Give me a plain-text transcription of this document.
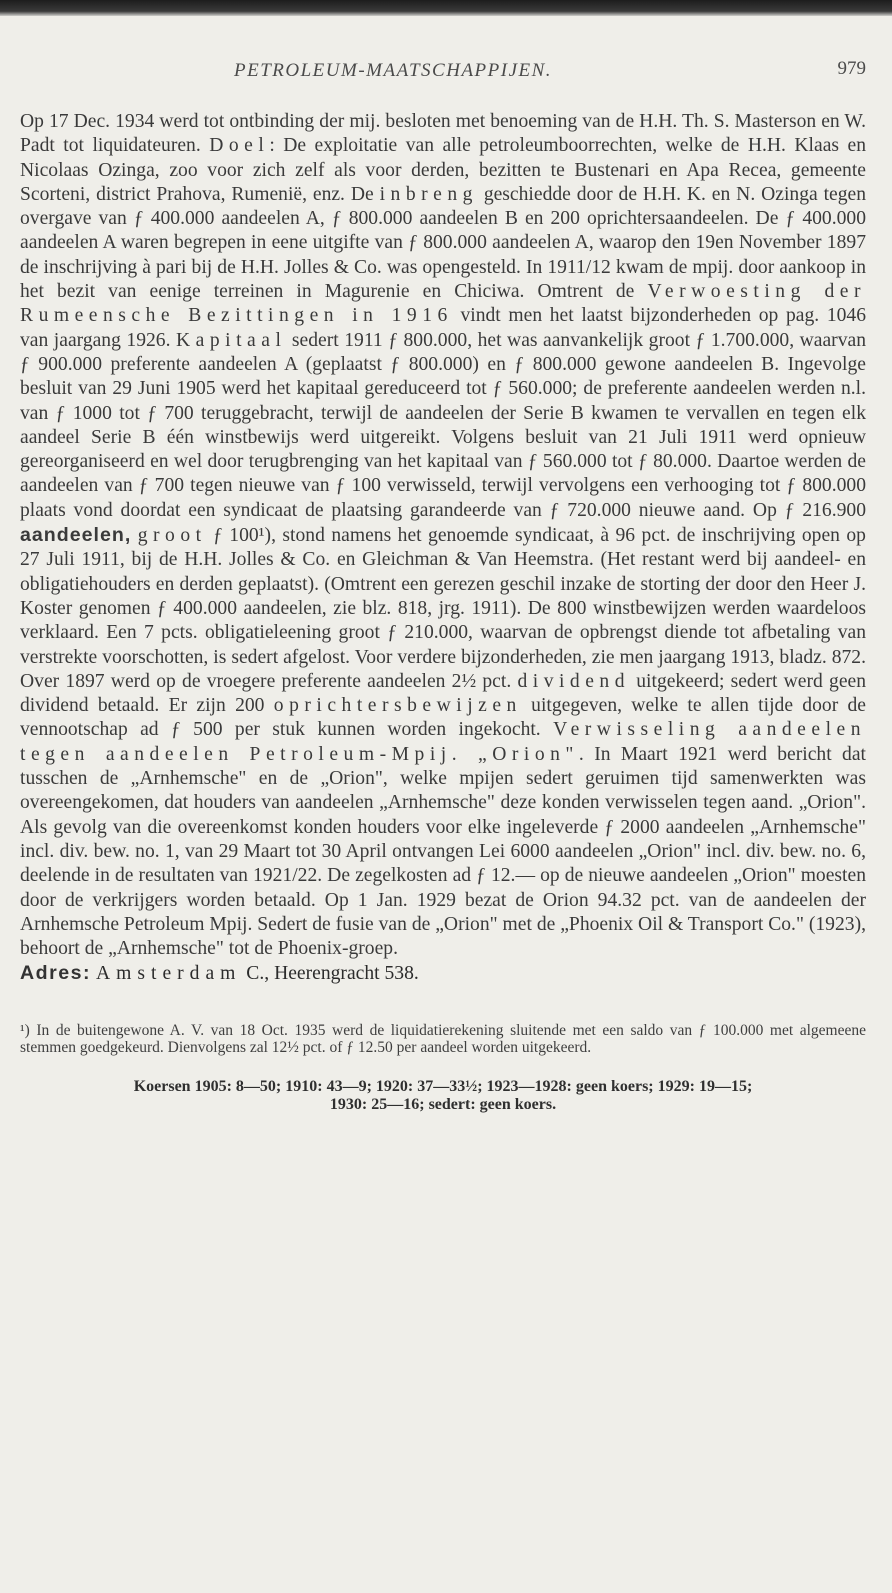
PETROLEUM-MAATSCHAPPIJEN.	979
Op 17 Dec. 1934 werd tot ontbinding der mij. besloten met benoeming van de H.H. Th. S. Masterson en W. Padt tot liquidateuren. Doel: De exploitatie van alle petroleumboorrechten, welke de H.H. Klaas en Nicolaas Ozinga, zoo voor zich zelf als voor derden, bezitten te Bustenari en Apa Recea, gemeente Scorteni, district Prahova, Rumenië, enz. De inbreng geschiedde door de H.H. K. en N. Ozinga tegen overgave van ƒ 400.000 aandeelen A, ƒ 800.000 aandeelen B en 200 oprichtersaandeelen. De ƒ 400.000 aandeelen A waren begrepen in eene uitgifte van ƒ 800.000 aandeelen A, waarop den 19en November 1897 de inschrijving à pari bij de H.H. Jolles & Co. was opengesteld. In 1911/12 kwam de mpij. door aankoop in het bezit van eenige terreinen in Magurenie en Chiciwa. Omtrent de Verwoesting der Rumeensche Bezittingen in 1916 vindt men het laatst bijzonderheden op pag. 1046 van jaargang 1926. Kapitaal sedert 1911 ƒ 800.000, het was aanvankelijk groot ƒ 1.700.000, waarvan ƒ 900.000 preferente aandeelen A (geplaatst ƒ 800.000) en ƒ 800.000 gewone aandeelen B. Ingevolge besluit van 29 Juni 1905 werd het kapitaal gereduceerd tot ƒ 560.000; de preferente aandeelen werden n.l. van ƒ 1000 tot ƒ 700 teruggebracht, terwijl de aandeelen der Serie B kwamen te vervallen en tegen elk aandeel Serie B één winstbewijs werd uitgereikt. Volgens besluit van 21 Juli 1911 werd opnieuw gereorganiseerd en wel door terugbrenging van het kapitaal van ƒ 560.000 tot ƒ 80.000. Daartoe werden de aandeelen van ƒ 700 tegen nieuwe van ƒ 100 verwisseld, terwijl vervolgens een verhooging tot ƒ 800.000 plaats vond doordat een syndicaat de plaatsing garandeerde van ƒ 720.000 nieuwe aand. Op ƒ 216.900 aandeelen, groot ƒ 100¹), stond namens het genoemde syndicaat, à 96 pct. de inschrijving open op 27 Juli 1911, bij de H.H. Jolles & Co. en Gleichman & Van Heemstra. (Het restant werd bij aandeel- en obligatiehouders en derden geplaatst). (Omtrent een gerezen geschil inzake de storting der door den Heer J. Koster genomen ƒ 400.000 aandeelen, zie blz. 818, jrg. 1911). De 800 winstbewijzen werden waardeloos verklaard. Een 7 pcts. obligatieleening groot ƒ 210.000, waarvan de opbrengst diende tot afbetaling van verstrekte voorschotten, is sedert afgelost. Voor verdere bijzonderheden, zie men jaargang 1913, bladz. 872. Over 1897 werd op de vroegere preferente aandeelen 2½ pct. dividend uitgekeerd; sedert werd geen dividend betaald. Er zijn 200 oprichtersbewijzen uitgegeven, welke te allen tijde door de vennootschap ad ƒ 500 per stuk kunnen worden ingekocht. Verwisseling aandeelen tegen aandeelen Petroleum-Mpij. „Orion". In Maart 1921 werd bericht dat tusschen de „Arnhemsche" en de „Orion", welke mpijen sedert geruimen tijd samenwerkten was overeengekomen, dat houders van aandeelen „Arnhemsche" deze konden verwisselen tegen aand. „Orion". Als gevolg van die overeenkomst konden houders voor elke ingeleverde ƒ 2000 aandeelen „Arnhemsche" incl. div. bew. no. 1, van 29 Maart tot 30 April ontvangen Lei 6000 aandeelen „Orion" incl. div. bew. no. 6, deelende in de resultaten van 1921/22. De zegelkosten ad ƒ 12.— op de nieuwe aandeelen „Orion" moesten door de verkrijgers worden betaald. Op 1 Jan. 1929 bezat de Orion 94.32 pct. van de aandeelen der Arnhemsche Petroleum Mpij. Sedert de fusie van de „Orion" met de „Phoenix Oil & Transport Co." (1923), behoort de „Arnhemsche" tot de Phoenix-groep.
Adres: Amsterdam C., Heerengracht 538.
¹) In de buitengewone A. V. van 18 Oct. 1935 werd de liquidatierekening sluitende met een saldo van ƒ 100.000 met algemeene stemmen goedgekeurd. Dienvolgens zal 12½ pct. of ƒ 12.50 per aandeel worden uitgekeerd.
Koersen 1905: 8—50; 1910: 43—9; 1920: 37—33½; 1923—1928: geen koers; 1929: 19—15;
1930: 25—16; sedert: geen koers.
